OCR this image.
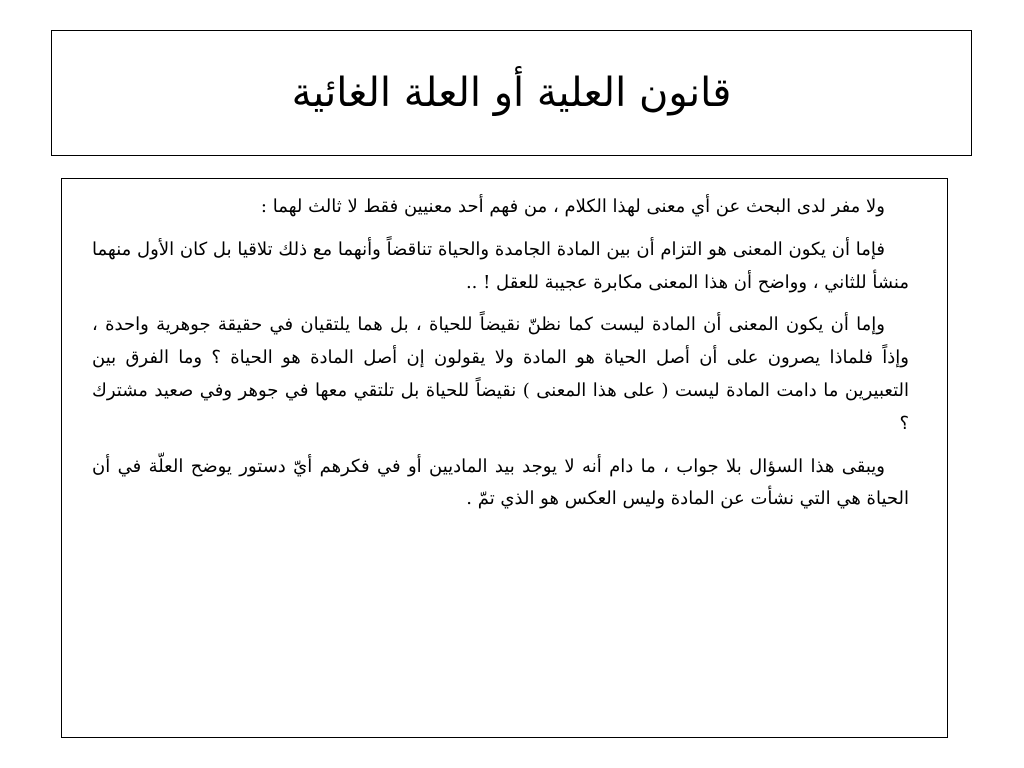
قانون العلية أو العلة الغائية

ولا مفر لدى البحث عن أي معنى لهذا الكلام ، من فهم أحد معنيين فقط لا ثالث لهما :

فإما أن يكون المعنى هو التزام أن بين المادة الجامدة والحياة تناقضاً وأنهما مع ذلك تلاقيا بل كان الأول منهما منشأ للثاني ، وواضح أن هذا المعنى مكابرة عجيبة للعقل ! ..

وإما أن يكون المعنى أن المادة ليست كما نظنّ نقيضاً للحياة ، بل هما يلتقيان في حقيقة جوهرية واحدة ، وإذاً فلماذا يصرون على أن أصل الحياة هو المادة ولا يقولون إن أصل المادة هو الحياة ؟ وما الفرق بين التعبيرين ما دامت المادة ليست ( على هذا المعنى ) نقيضاً للحياة بل تلتقي معها في جوهر وفي صعيد مشترك ؟

ويبقى هذا السؤال بلا جواب ، ما دام أنه لا يوجد بيد الماديين أو في فكرهم أيّ دستور يوضح العلّة في أن الحياة هي التي نشأت عن المادة وليس العكس هو الذي تمّ .
